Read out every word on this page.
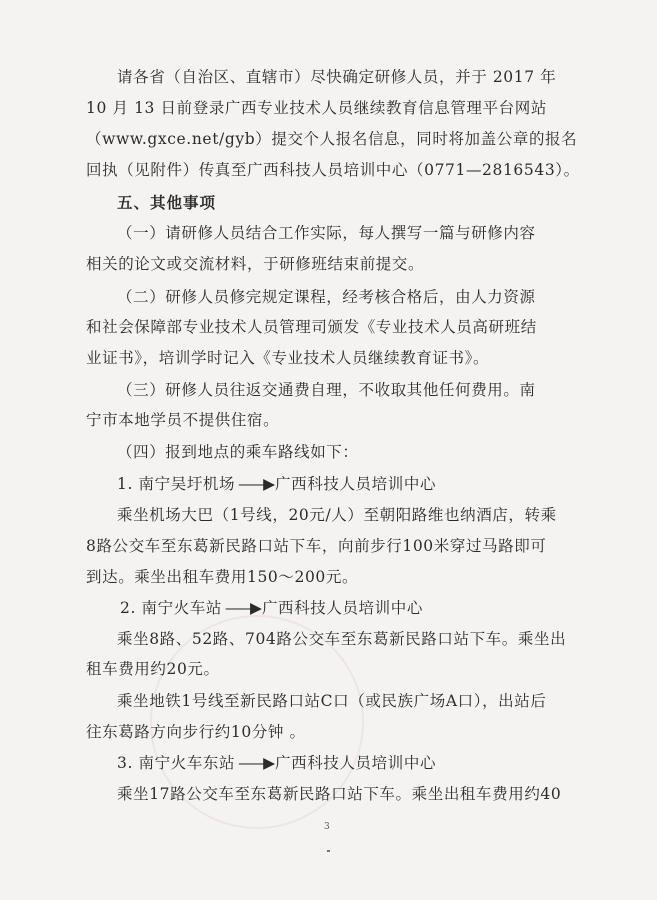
请各省（自治区、直辖市）尽快确定研修人员，并于 2017 年
10 月 13 日前登录广西专业技术人员继续教育信息管理平台网站
（www.gxce.net/gyb）提交个人报名信息，同时将加盖公章的报名
回执（见附件）传真至广西科技人员培训中心（0771—2816543）。
五、其他事项
（一）请研修人员结合工作实际，每人撰写一篇与研修内容
相关的论文或交流材料，于研修班结束前提交。
（二）研修人员修完规定课程，经考核合格后，由人力资源
和社会保障部专业技术人员管理司颁发《专业技术人员高研班结
业证书》，培训学时记入《专业技术人员继续教育证书》。
（三）研修人员往返交通费自理，不收取其他任何费用。南
宁市本地学员不提供住宿。
（四）报到地点的乘车路线如下：
1. 南宁吴圩机场 ——▶ 广西科技人员培训中心
乘坐机场大巴（1号线，20元/人）至朝阳路维也纳酒店，转乘
8路公交车至东葛新民路口站下车，向前步行100米穿过马路即可
到达。乘坐出租车费用150～200元。
2. 南宁火车站 ——▶ 广西科技人员培训中心
乘坐8路、52路、704路公交车至东葛新民路口站下车。乘坐出
租车费用约20元。
乘坐地铁1号线至新民路口站C口（或民族广场A口），出站后
往东葛路方向步行约10分钟 。
3. 南宁火车东站 ——▶ 广西科技人员培训中心
乘坐17路公交车至东葛新民路口站下车。乘坐出租车费用约40
3
